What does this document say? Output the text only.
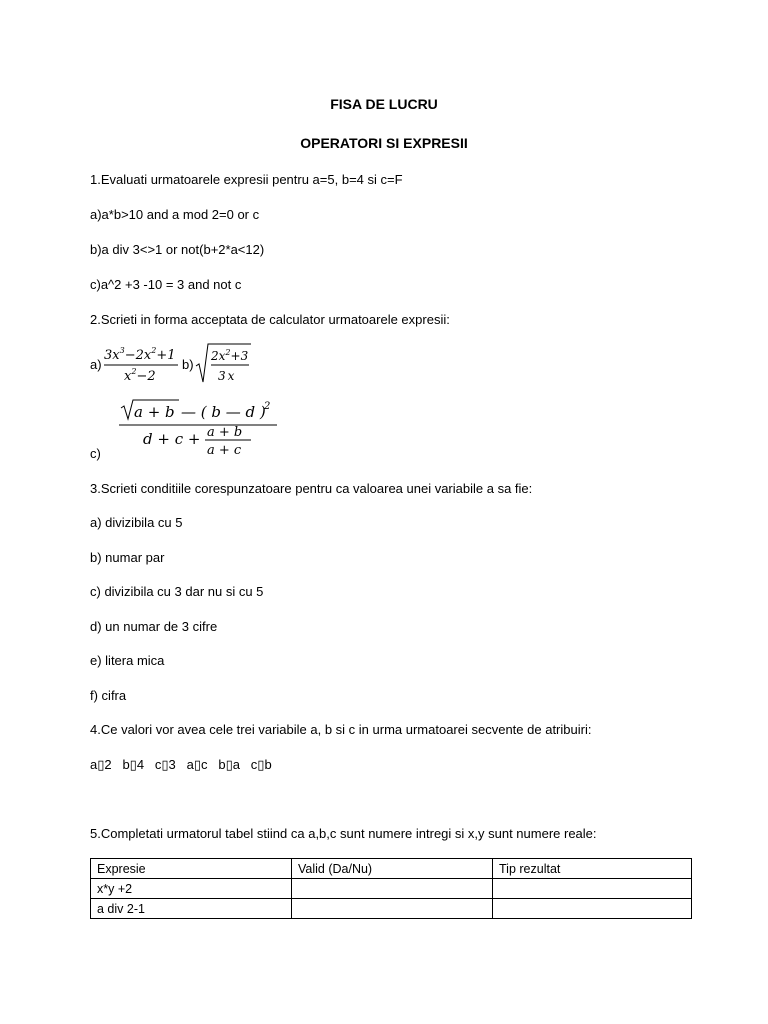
FISA DE LUCRU
OPERATORI SI EXPRESII
1.Evaluati urmatoarele expresii pentru a=5, b=4 si c=F
a)a*b>10 and a mod 2=0 or c
b)a div 3<>1 or not(b+2*a<12)
c)a^2 +3 -10 = 3 and not c
2.Scrieti in forma acceptata de calculator urmatoarele expresii:
a)
$3x^3-2x^2+1$
$x^2-2$
b)
$2x^2+3$
3 x
a + b — ( b — d )
2
d + c + a + b
a + c
c)
3.Scrieti conditiile corespunzatoare pentru ca valoarea unei variabile a sa fie:
a) divizibila cu 5
b) numar par
c) divizibila cu 3 dar nu si cu 5
d) un numar de 3 cifre
e) litera mica
f) cifra
4.Ce valori vor avea cele trei variabile a, b si c in urma urmatoarei secvente de atribuiri:
a▯2   b▯4   c▯3   a▯c   b▯a   c▯b
5.Completati urmatorul tabel stiind ca a,b,c sunt numere intregi si x,y sunt numere reale:
Expresie	Valid (Da/Nu)	Tip rezultat
x*y +2		
a div 2-1		
